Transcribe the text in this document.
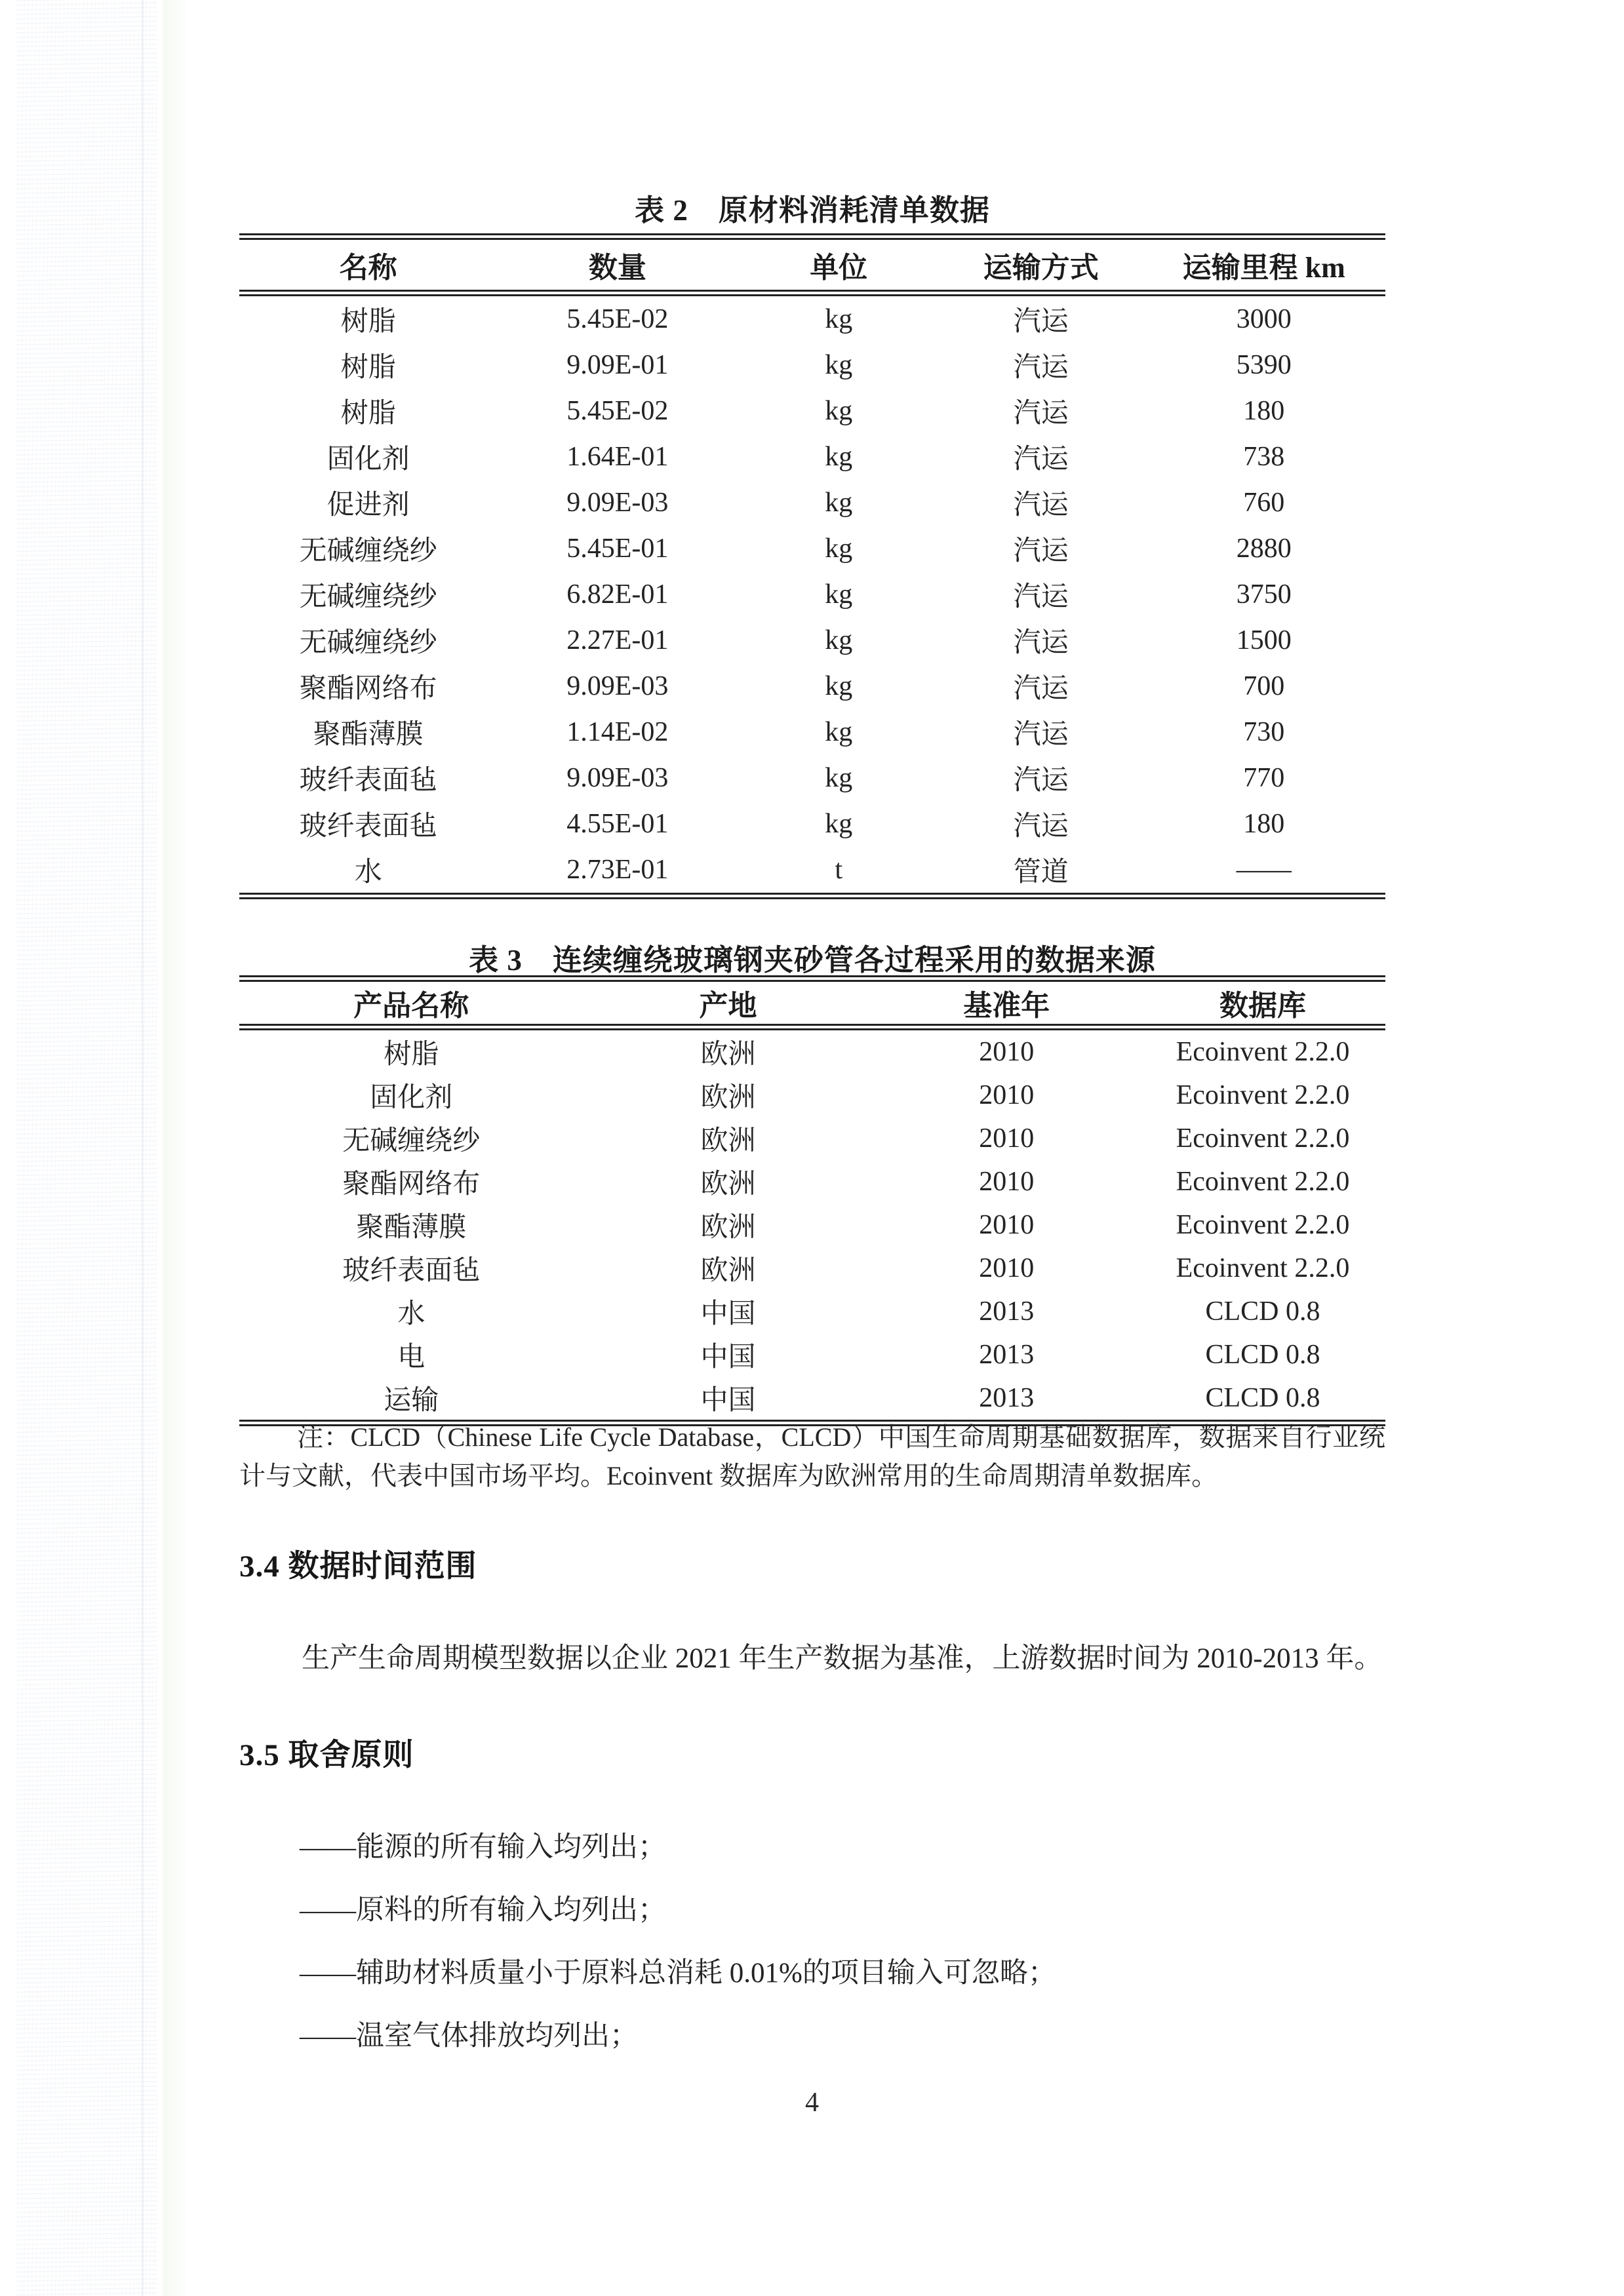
表 2　原材料消耗清单数据
名称	数量	单位	运输方式	运输里程 km
树脂	5.45E-02	kg	汽运	3000
树脂	9.09E-01	kg	汽运	5390
树脂	5.45E-02	kg	汽运	180
固化剂	1.64E-01	kg	汽运	738
促进剂	9.09E-03	kg	汽运	760
无碱缠绕纱	5.45E-01	kg	汽运	2880
无碱缠绕纱	6.82E-01	kg	汽运	3750
无碱缠绕纱	2.27E-01	kg	汽运	1500
聚酯网络布	9.09E-03	kg	汽运	700
聚酯薄膜	1.14E-02	kg	汽运	730
玻纤表面毡	9.09E-03	kg	汽运	770
玻纤表面毡	4.55E-01	kg	汽运	180
水	2.73E-01	t	管道	——
表 3　连续缠绕玻璃钢夹砂管各过程采用的数据来源
产品名称	产地	基准年	数据库
树脂	欧洲	2010	Ecoinvent 2.2.0
固化剂	欧洲	2010	Ecoinvent 2.2.0
无碱缠绕纱	欧洲	2010	Ecoinvent 2.2.0
聚酯网络布	欧洲	2010	Ecoinvent 2.2.0
聚酯薄膜	欧洲	2010	Ecoinvent 2.2.0
玻纤表面毡	欧洲	2010	Ecoinvent 2.2.0
水	中国	2013	CLCD 0.8
电	中国	2013	CLCD 0.8
运输	中国	2013	CLCD 0.8
注：CLCD（Chinese Life Cycle Database，CLCD）中国生命周期基础数据库，数据来自行业统计与文献，代表中国市场平均。Ecoinvent 数据库为欧洲常用的生命周期清单数据库。
3.4 数据时间范围
生产生命周期模型数据以企业 2021 年生产数据为基准，上游数据时间为 2010-2013 年。
3.5 取舍原则
——能源的所有输入均列出；
——原料的所有输入均列出；
——辅助材料质量小于原料总消耗 0.01%的项目输入可忽略；
——温室气体排放均列出；
4
